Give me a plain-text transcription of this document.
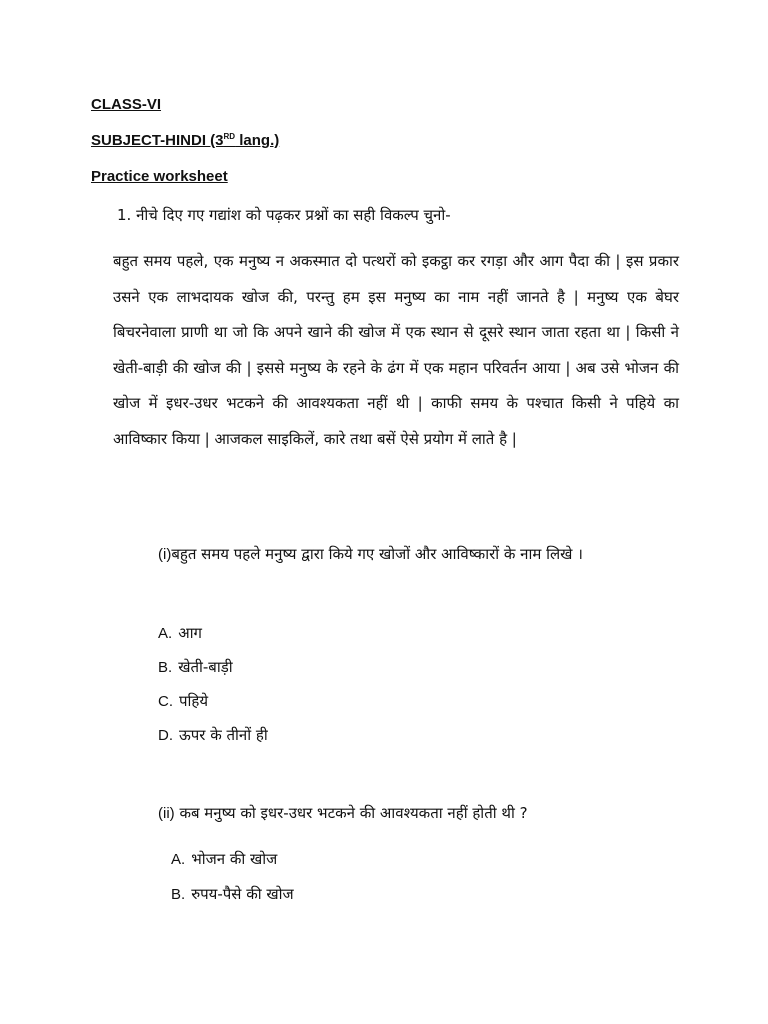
CLASS-VI
SUBJECT-HINDI (3RD lang.)
Practice worksheet
1. नीचे दिए गए गद्यांश को पढ़कर प्रश्नों का सही विकल्प चुनो-
बहुत समय पहले, एक मनुष्य न अकस्मात दो पत्थरों को इकट्ठा कर रगड़ा और आग पैदा की | इस प्रकार उसने एक लाभदायक खोज की, परन्तु हम इस मनुष्य का नाम नहीं जानते है | मनुष्य एक बेघर बिचरनेवाला प्राणी था जो कि अपने खाने की खोज में एक स्थान से दूसरे स्थान जाता रहता था | किसी ने खेती-बाड़ी की खोज की | इससे मनुष्य के रहने के ढंग में एक महान परिवर्तन आया | अब उसे भोजन की खोज में इधर-उधर भटकने की आवश्यकता नहीं थी | काफी समय के पश्चात किसी ने पहिये का आविष्कार किया | आजकल साइकिलें, कारे तथा बसें ऐसे प्रयोग में लाते है |
(i)बहुत समय पहले मनुष्य द्वारा किये गए खोजों और आविष्कारों के नाम लिखे ।
A. आग
B. खेती-बाड़ी
C. पहिये
D. ऊपर के तीनों ही
(ii) कब मनुष्य को इधर-उधर भटकने की आवश्यकता नहीं होती थी ?
A. भोजन की खोज
B. रुपय-पैसे की खोज
